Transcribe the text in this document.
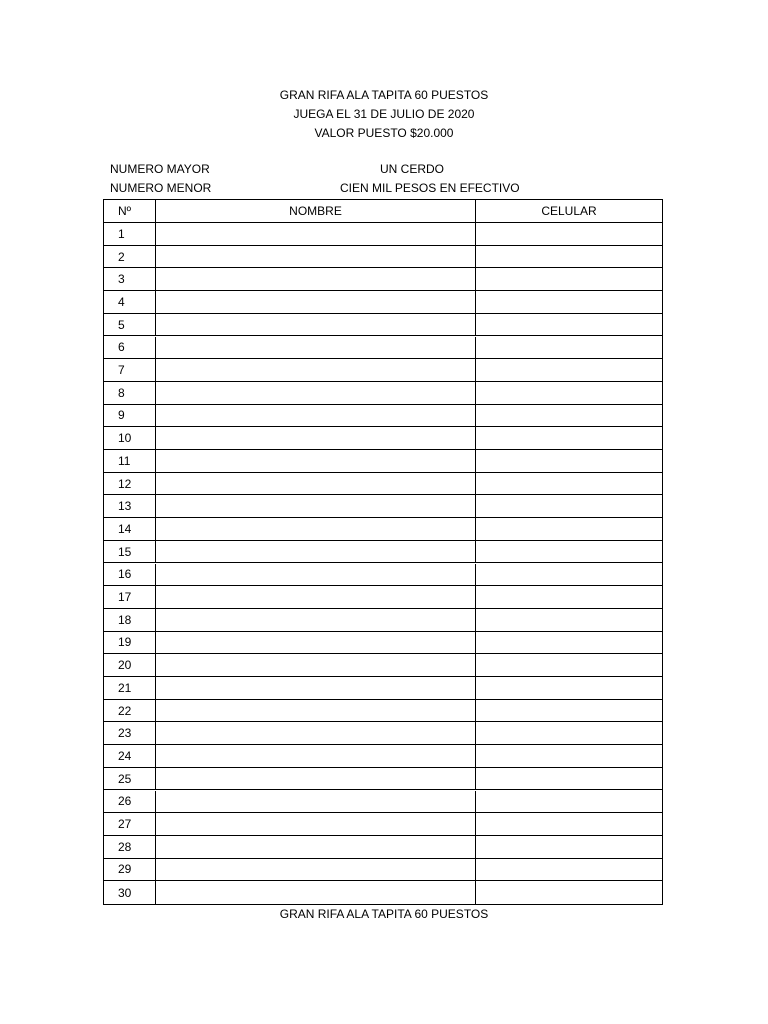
GRAN RIFA ALA TAPITA 60 PUESTOS
JUEGA EL 31 DE JULIO DE 2020
VALOR PUESTO $20.000
NUMERO MAYOR	UN CERDO
NUMERO MENOR	CIEN MIL PESOS EN EFECTIVO
Nº	NOMBRE	CELULAR
1
2
3
4
5
6
7
8
9
10
11
12
13
14
15
16
17
18
19
20
21
22
23
24
25
26
27
28
29
30
GRAN RIFA ALA TAPITA 60 PUESTOS
